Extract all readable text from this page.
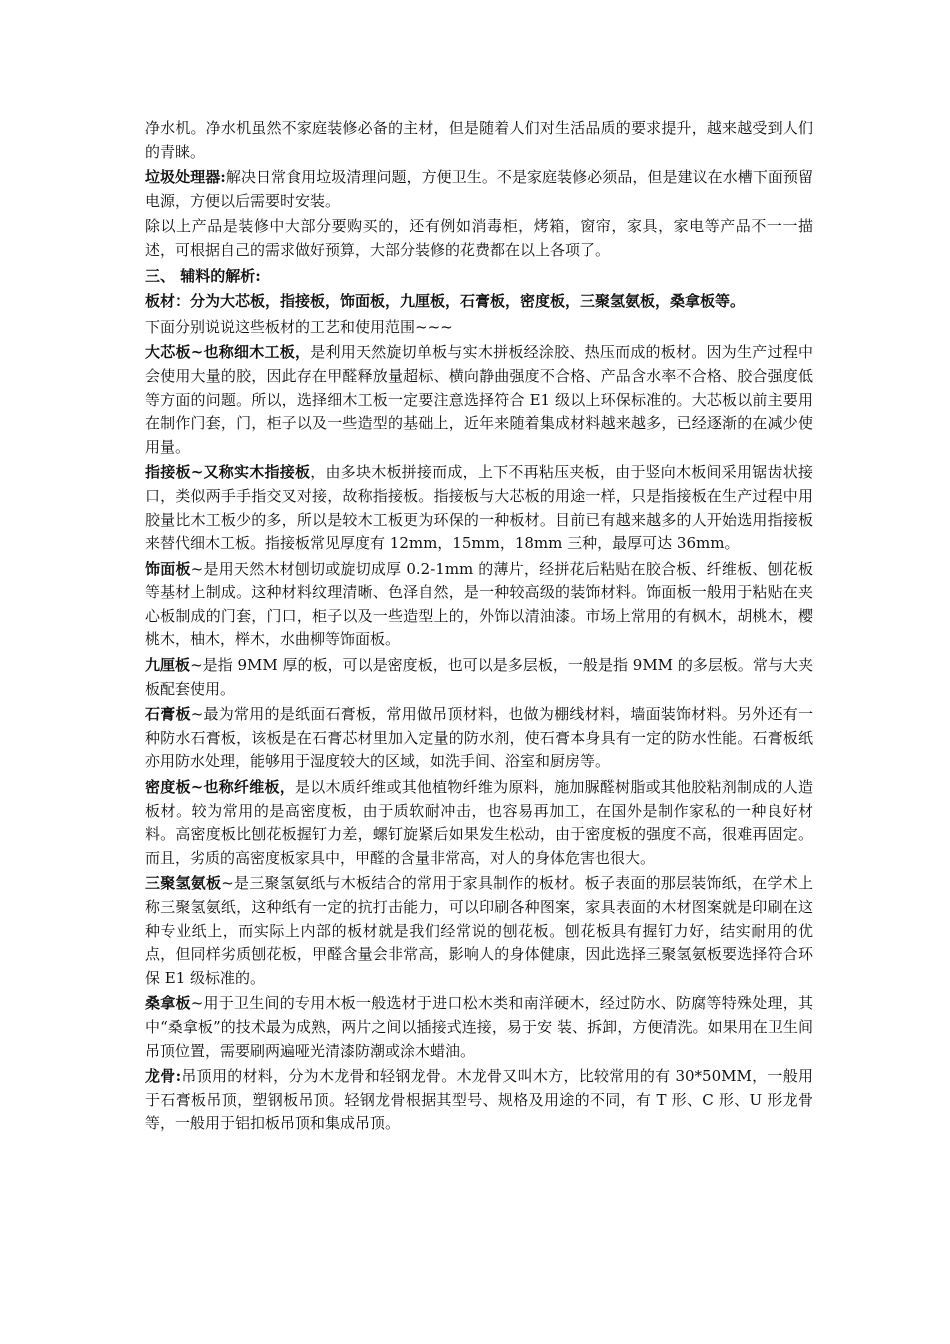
净水机。净水机虽然不家庭装修必备的主材，但是随着人们对生活品质的要求提升，越来越受到人们的青睐。

垃圾处理器:解决日常食用垃圾清理问题，方便卫生。不是家庭装修必须品，但是建议在水槽下面预留电源，方便以后需要时安装。

除以上产品是装修中大部分要购买的，还有例如消毒柜，烤箱，窗帘，家具，家电等产品不一一描述，可根据自己的需求做好预算，大部分装修的花费都在以上各项了。

三、 辅料的解析:

板材：分为大芯板，指接板，饰面板，九厘板，石膏板，密度板，三聚氢氨板，桑拿板等。

下面分别说说这些板材的工艺和使用范围~~~

大芯板~也称细木工板，是利用天然旋切单板与实木拼板经涂胶、热压而成的板材。因为生产过程中会使用大量的胶，因此存在甲醛释放量超标、横向静曲强度不合格、产品含水率不合格、胶合强度低等方面的问题。所以，选择细木工板一定要注意选择符合 E1 级以上环保标准的。大芯板以前主要用在制作门套，门，柜子以及一些造型的基础上，近年来随着集成材料越来越多，已经逐渐的在减少使用量。

指接板~又称实木指接板，由多块木板拼接而成，上下不再粘压夹板，由于竖向木板间采用锯齿状接口，类似两手手指交叉对接，故称指接板。指接板与大芯板的用途一样，只是指接板在生产过程中用胶量比木工板少的多，所以是较木工板更为环保的一种板材。目前已有越来越多的人开始选用指接板来替代细木工板。指接板常见厚度有 12mm，15mm，18mm 三种，最厚可达 36mm。

饰面板~是用天然木材刨切或旋切成厚 0.2-1mm 的薄片，经拼花后粘贴在胶合板、纤维板、刨花板等基材上制成。这种材料纹理清晰、色泽自然，是一种较高级的装饰材料。饰面板一般用于粘贴在夹心板制成的门套，门口，柜子以及一些造型上的，外饰以清油漆。市场上常用的有枫木，胡桃木，樱桃木，柚木，榉木，水曲柳等饰面板。

九厘板~是指 9MM 厚的板，可以是密度板，也可以是多层板，一般是指 9MM 的多层板。常与大夹板配套使用。

石膏板~最为常用的是纸面石膏板，常用做吊顶材料，也做为棚线材料，墙面装饰材料。另外还有一种防水石膏板，该板是在石膏芯材里加入定量的防水剂，使石膏本身具有一定的防水性能。石膏板纸亦用防水处理，能够用于湿度较大的区域，如洗手间、浴室和厨房等。

密度板~也称纤维板，是以木质纤维或其他植物纤维为原料，施加脲醛树脂或其他胶粘剂制成的人造板材。较为常用的是高密度板，由于质软耐冲击，也容易再加工，在国外是制作家私的一种良好材料。高密度板比刨花板握钉力差，螺钉旋紧后如果发生松动，由于密度板的强度不高，很难再固定。而且，劣质的高密度板家具中，甲醛的含量非常高，对人的身体危害也很大。

三聚氢氨板~是三聚氢氨纸与木板结合的常用于家具制作的板材。板子表面的那层装饰纸，在学术上称三聚氢氨纸，这种纸有一定的抗打击能力，可以印刷各种图案，家具表面的木材图案就是印刷在这种专业纸上，而实际上内部的板材就是我们经常说的刨花板。刨花板具有握钉力好，结实耐用的优点，但同样劣质刨花板，甲醛含量会非常高，影响人的身体健康，因此选择三聚氢氨板要选择符合环保 E1 级标准的。

桑拿板~用于卫生间的专用木板一般选材于进口松木类和南洋硬木，经过防水、防腐等特殊处理，其中“桑拿板”的技术最为成熟，两片之间以插接式连接，易于安 装、拆卸，方便清洗。如果用在卫生间吊顶位置，需要刷两遍哑光清漆防潮或涂木蜡油。

龙骨:吊顶用的材料，分为木龙骨和轻钢龙骨。木龙骨又叫木方，比较常用的有 30*50MM，一般用于石膏板吊顶，塑钢板吊顶。轻钢龙骨根据其型号、规格及用途的不同，有 T 形、C 形、U 形龙骨等，一般用于铝扣板吊顶和集成吊顶。
